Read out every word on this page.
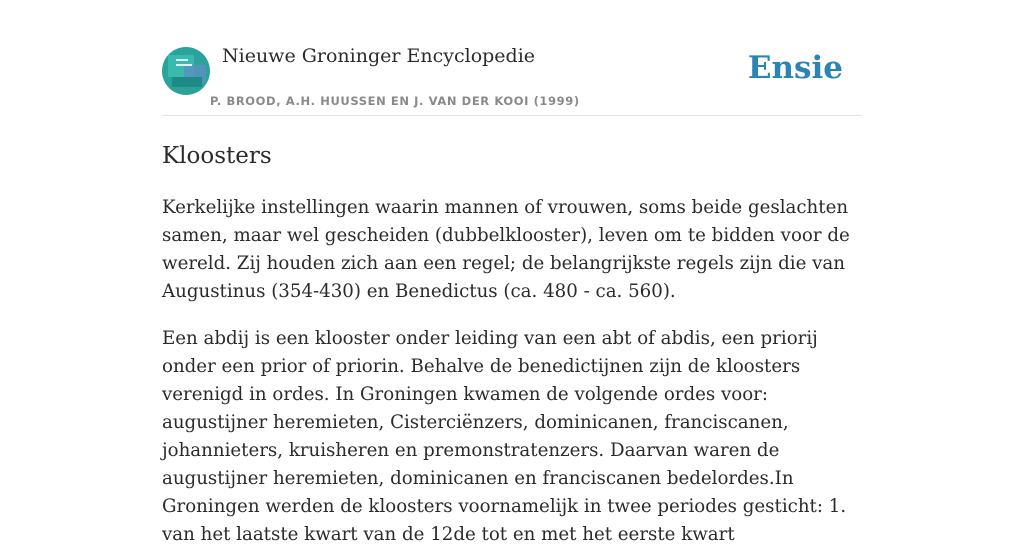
Nieuwe Groninger Encyclopedie
P. BROOD, A.H. HUUSSEN EN J. VAN DER KOOI (1999)
Ensie
Kloosters

Kerkelijke instellingen waarin mannen of vrouwen, soms beide geslachten samen, maar wel gescheiden (dubbelklooster), leven om te bidden voor de wereld. Zij houden zich aan een regel; de belangrijkste regels zijn die van Augustinus (354-430) en Benedictus (ca. 480 - ca. 560).

Een abdij is een klooster onder leiding van een abt of abdis, een priorij onder een prior of priorin. Behalve de benedictijnen zijn de kloosters verenigd in ordes. In Groningen kwamen de volgende ordes voor: augustijner heremieten, Cisterciënzers, dominicanen, franciscanen, johannieters, kruisheren en premonstratenzers. Daarvan waren de augustijner heremieten, dominicanen en franciscanen bedelordes.In Groningen werden de kloosters voornamelijk in twee periodes gesticht: 1. van het laatste kwart van de 12de tot en met het eerste kwart
